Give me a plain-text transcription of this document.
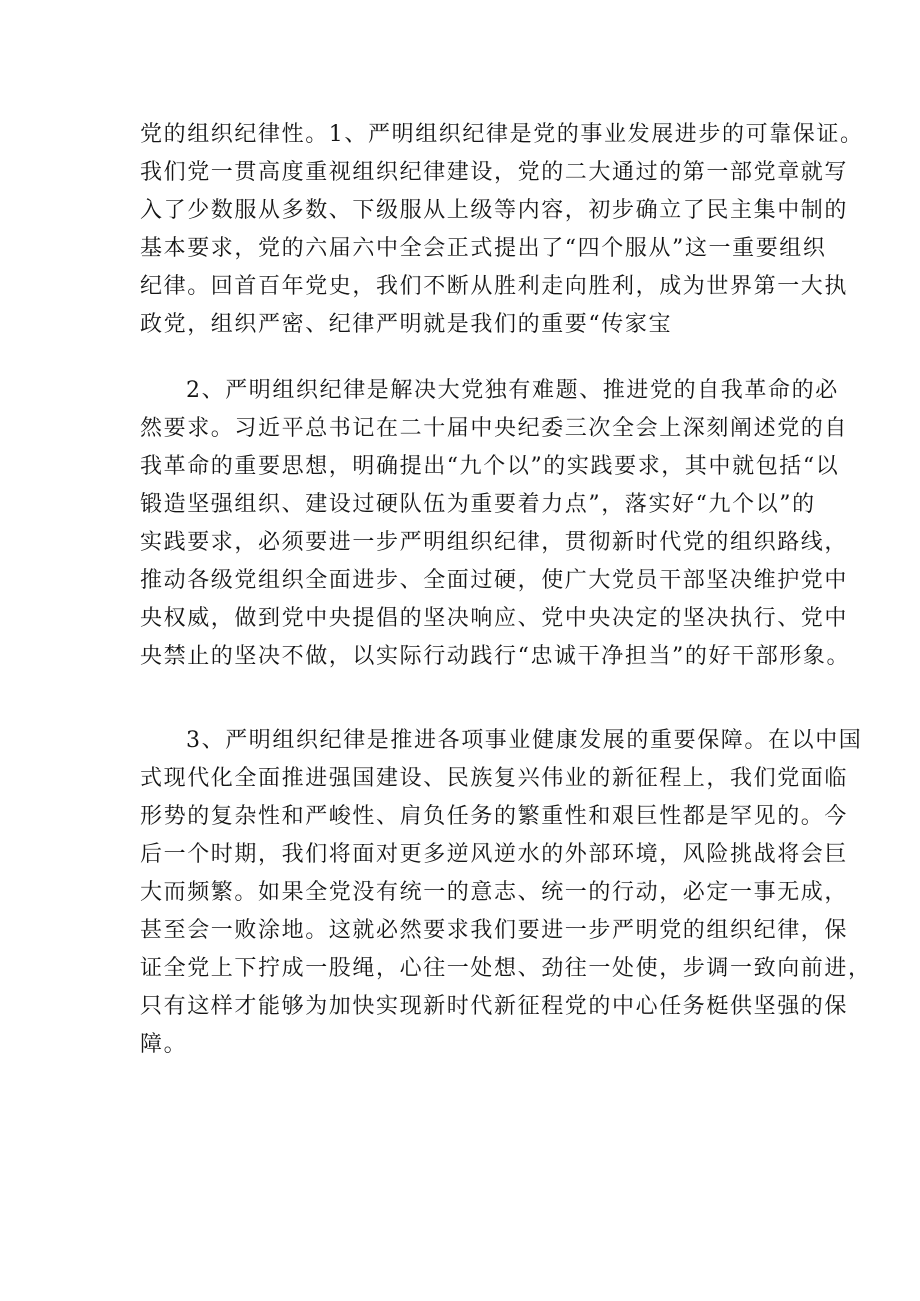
党的组织纪律性。1、严明组织纪律是党的事业发展进步的可靠保证。
我们党一贯高度重视组织纪律建设，党的二大通过的第一部党章就写
入了少数服从多数、下级服从上级等内容，初步确立了民主集中制的
基本要求，党的六届六中全会正式提出了“四个服从”这一重要组织
纪律。回首百年党史，我们不断从胜利走向胜利，成为世界第一大执
政党，组织严密、纪律严明就是我们的重要“传家宝
2、严明组织纪律是解决大党独有难题、推进党的自我革命的必
然要求。习近平总书记在二十届中央纪委三次全会上深刻阐述党的自
我革命的重要思想，明确提出“九个以”的实践要求，其中就包括“以
锻造坚强组织、建设过硬队伍为重要着力点”，落实好“九个以”的
实践要求，必须要进一步严明组织纪律，贯彻新时代党的组织路线，
推动各级党组织全面进步、全面过硬，使广大党员干部坚决维护党中
央权威，做到党中央提倡的坚决响应、党中央决定的坚决执行、党中
央禁止的坚决不做，以实际行动践行“忠诚干净担当”的好干部形象。
3、严明组织纪律是推进各项事业健康发展的重要保障。在以中国
式现代化全面推进强国建设、民族复兴伟业的新征程上，我们党面临
形势的复杂性和严峻性、肩负任务的繁重性和艰巨性都是罕见的。今
后一个时期，我们将面对更多逆风逆水的外部环境，风险挑战将会巨
大而频繁。如果全党没有统一的意志、统一的行动，必定一事无成，
甚至会一败涂地。这就必然要求我们要进一步严明党的组织纪律，保
证全党上下拧成一股绳，心往一处想、劲往一处使，步调一致向前进，
只有这样才能够为加快实现新时代新征程党的中心任务梃供坚强的保
障。
